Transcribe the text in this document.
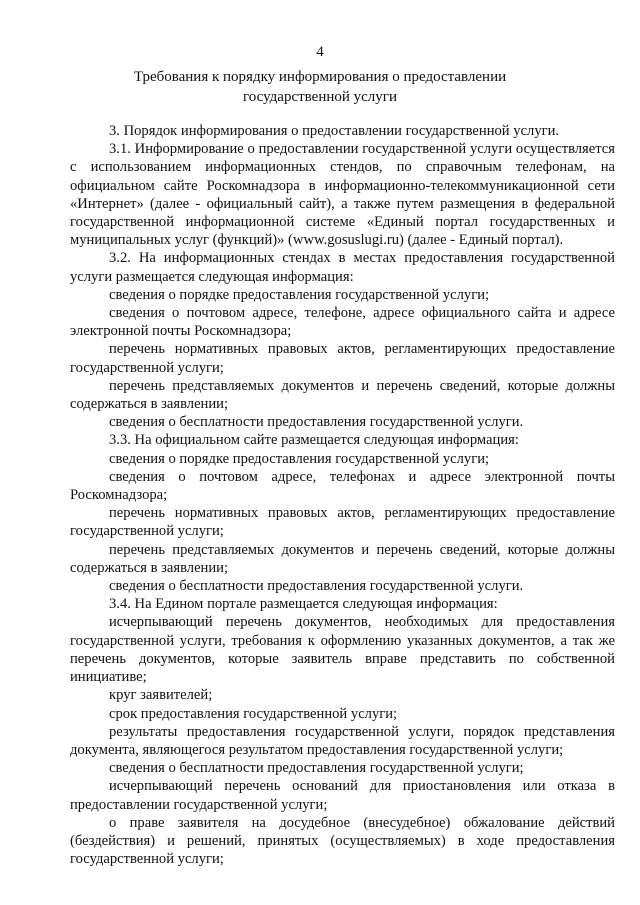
4
Требования к порядку информирования о предоставлении
государственной услуги

3. Порядок информирования о предоставлении государственной услуги.

3.1. Информирование о предоставлении государственной услуги осуществляется с использованием информационных стендов, по справочным телефонам, на официальном сайте Роскомнадзора в информационно-телекоммуникационной сети «Интернет» (далее - официальный сайт), а также путем размещения в федеральной государственной информационной системе «Единый портал государственных и муниципальных услуг (функций)» (www.gosuslugi.ru) (далее - Единый портал).

3.2. На информационных стендах в местах предоставления государственной услуги размещается следующая информация:

сведения о порядке предоставления государственной услуги;

сведения о почтовом адресе, телефоне, адресе официального сайта и адресе электронной почты Роскомнадзора;

перечень нормативных правовых актов, регламентирующих предоставление государственной услуги;

перечень представляемых документов и перечень сведений, которые должны содержаться в заявлении;

сведения о бесплатности предоставления государственной услуги.

3.3. На официальном сайте размещается следующая информация:

сведения о порядке предоставления государственной услуги;

сведения о почтовом адресе, телефонах и адресе электронной почты Роскомнадзора;

перечень нормативных правовых актов, регламентирующих предоставление государственной услуги;

перечень представляемых документов и перечень сведений, которые должны содержаться в заявлении;

сведения о бесплатности предоставления государственной услуги.

3.4. На Едином портале размещается следующая информация:

исчерпывающий перечень документов, необходимых для предоставления государственной услуги, требования к оформлению указанных документов, а так же перечень документов, которые заявитель вправе представить по собственной инициативе;

круг заявителей;

срок предоставления государственной услуги;

результаты предоставления государственной услуги, порядок представления документа, являющегося результатом предоставления государственной услуги;

сведения о бесплатности предоставления государственной услуги;

исчерпывающий перечень оснований для приостановления или отказа в предоставлении государственной услуги;

о праве заявителя на досудебное (внесудебное) обжалование действий (бездействия) и решений, принятых (осуществляемых) в ходе предоставления государственной услуги;
